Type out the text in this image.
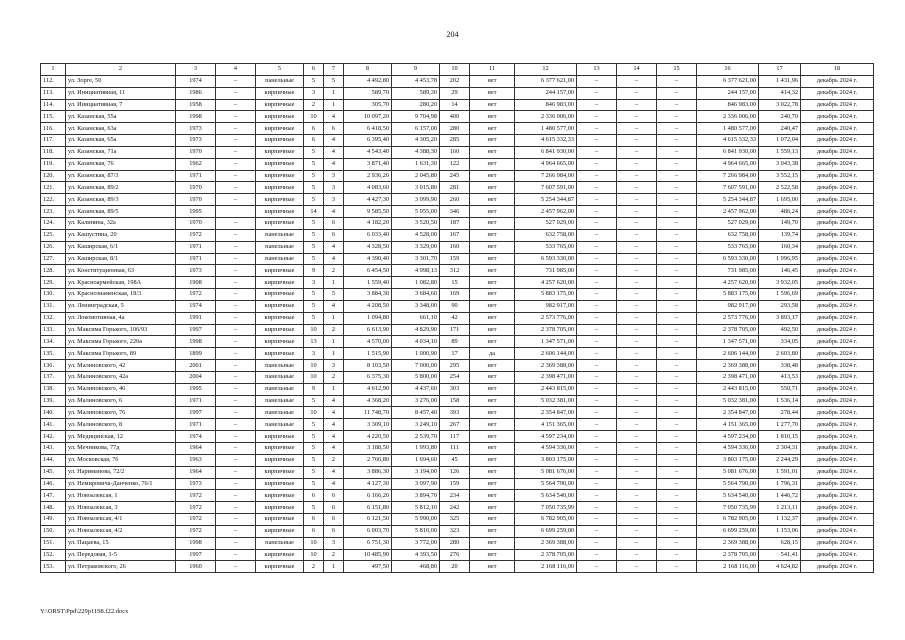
204
1	2	3	4	5	6	7	8	9	10	11	12	13	14	15	16	17	18
112.	ул. Зорге, 50	1974	–	панельные	5	5	4 492,80	4 453,78	202	нет	6 377 621,00	–	–	–	6 377 621,00	1 431,96	декабрь 2024 г.
113.	ул. Инициативная, 11	1986	–	кирпичные	3	1	589,70	589,30	29	нет	244 157,00	–	–	–	244 157,00	414,32	декабрь 2024 г.
114.	ул. Инициативная, 7	1958	–	кирпичные	2	1	305,70	280,20	14	нет	846 983,00	–	–	–	846 983,00	3 022,78	декабрь 2024 г.
115.	ул. Казанская, 55а	1998	–	кирпичные	10	4	10 097,20	9 704,98	400	нет	2 336 006,00	–	–	–	2 336 006,00	240,70	декабрь 2024 г.
116.	ул. Казанская, 63а	1973	–	кирпичные	6	6	6 418,50	6 157,00	280	нет	1 480 577,00	–	–	–	1 480 577,00	240,47	декабрь 2024 г.
117.	ул. Казанская, 65а	1973	–	кирпичные	6	4	6 395,40	4 305,20	285	нет	4 615 332,33	–	–	–	4 615 332,33	1 072,04	декабрь 2024 г.
118.	ул. Казанская, 71а	1970	–	кирпичные	5	4	4 543,40	4 388,30	160	нет	6 841 930,00	–	–	–	6 841 930,00	1 559,13	декабрь 2024 г.
119.	ул. Казанская, 76	1962	–	кирпичные	5	4	3 871,40	1 631,30	122	нет	4 964 665,00	–	–	–	4 964 665,00	3 043,38	декабрь 2024 г.
120.	ул. Казанская, 87/3	1971	–	кирпичные	5	3	2 936,20	2 045,80	245	нет	7 266 984,00	–	–	–	7 266 984,00	3 552,15	декабрь 2024 г.
121.	ул. Казанская, 89/2	1970	–	кирпичные	5	3	4 083,60	3 015,80	281	нет	7 607 591,00	–	–	–	7 607 591,00	2 522,58	декабрь 2024 г.
122.	ул. Казанская, 89/3	1970	–	кирпичные	5	3	4 427,30	3 099,90	260	нет	5 254 344,87	–	–	–	5 254 344,87	1 695,00	декабрь 2024 г.
123.	ул. Казанская, 89/5	1995		кирпичные	14	4	9 585,50	5 055,00	346	нет	2 457 962,00	–	–	–	2 457 962,00	486,24	декабрь 2024 г.
124.	ул. Калинина, 32а	1970	–	кирпичные	5	6	4 182,20	3 520,50	187	нет	527 029,00	–	–	–	527 029,00	149,70	декабрь 2024 г.
125.	ул. Кашустина, 20	1972	–	панельные	5	6	6 033,40	4 528,00	167	нет	632 758,00	–	–	–	632 758,00	139,74	декабрь 2024 г.
126.	ул. Каширская, 6/1	1971	–	панельные	5	4	4 328,50	3 329,00	160	нет	533 765,00	–	–	–	533 765,00	160,34	декабрь 2024 г.
127.	ул. Каширская, 8/1	1971	–	панельные	5	4	4 390,40	3 301,70	159	нет	6 593 330,00	–	–	–	6 593 330,00	1 996,95	декабрь 2024 г.
128.	ул. Конституционная, 63	1973	–	кирпичные	9	2	6 454,50	4 998,13	312	нет	731 985,00	–	–	–	731 985,00	146,45	декабрь 2024 г.
129.	ул. Красноармейская, 198А	1908	–	кирпичные	3	1	1 559,40	1 082,80	15	нет	4 257 620,00	–	–	–	4 257 620,00	3 932,05	декабрь 2024 г.
130.	ул. Краснознаменская, 18/3	1972	–	кирпичные	5	5	3 884,30	3 684,60	169	нет	5 883 175,00	–	–	–	5 883 175,00	1 596,69	декабрь 2024 г.
131.	ул. Ленинградская, 5	1974	–	кирпичные	5	4	4 208,50	3 348,00	90	нет	982 917,00	–	–	–	982 917,00	293,58	декабрь 2024 г.
132.	ул. Локомотивная, 4а	1991	–	кирпичные	5	1	1 094,80	661,10	42	нет	2 573 776,00	–	–	–	2 573 776,00	3 893,17	декабрь 2024 г.
133.	ул. Максима Горького, 106/93	1997	–	кирпичные	10	2	6 613,90	4 829,90	171	нет	2 378 705,00	–	–	–	2 378 705,00	492,50	декабрь 2024 г.
134.	ул. Максима Горького, 220а	1998	–	кирпичные	13	1	4 570,00	4 034,10	89	нет	1 347 571,00	–	–	–	1 347 571,00	334,05	декабрь 2024 г.
135.	ул. Максима Горького, 89	1899	–	кирпичные	3	1	1 515,90	1 000,90	17	да	2 606 144,00	–	–	–	2 606 144,00	2 603,80	декабрь 2024 г.
136.	ул. Малиновского, 42	2001	–	панельные	10	3	8 103,50	7 000,00	295	нет	2 369 388,00	–	–	–	2 369 388,00	338,48	декабрь 2024 г.
137.	ул. Малиновского, 42а	2004	–	панельные	10	2	6 375,30	5 800,00	254	нет	2 398 471,00	–	–	–	2 398 471,00	413,53	декабрь 2024 г.
138.	ул. Малиновского, 46	1995	–	панельные	9	1	4 612,90	4 437,60	303	нет	2 443 815,00	–	–	–	2 443 815,00	550,71	декабрь 2024 г.
139.	ул. Малиновского, 6	1971	–	панельные	5	4	4 368,20	3 276,00	158	нет	5 032 381,00	–	–	–	5 032 381,00	1 536,14	декабрь 2024 г.
140.	ул. Малиновского, 76	1997	–	панельные	10	4	11 748,70	8 457,40	393	нет	2 354 847,00	–	–	–	2 354 847,00	278,44	декабрь 2024 г.
141.	ул. Малиновского, 8	1971	–	панельные	5	4	3 309,10	3 249,10	267	нет	4 151 365,00	–	–	–	4 151 365,00	1 277,70	декабрь 2024 г.
142.	ул. Медицинская, 12	1974	–	кирпичные	5	4	4 220,50	2 539,70	117	нет	4 597 234,00	–	–	–	4 597 234,00	1 810,15	декабрь 2024 г.
143.	ул. Мечникова, 77д	1964	–	кирпичные	5	4	3 188,50	1 993,80	111	нет	4 594 336,00	–	–	–	4 594 336,00	2 304,31	декабрь 2024 г.
144.	ул. Московская, 76	1963	–	кирпичные	5	2	2 766,80	1 694,60	45	нет	3 803 175,00	–	–	–	3 803 175,00	2 244,29	декабрь 2024 г.
145.	ул. Нариманова, 72/2	1964	–	кирпичные	5	4	3 886,30	3 194,00	126	нет	5 081 676,00	–	–	–	5 081 676,00	1 591,01	декабрь 2024 г.
146.	ул. Немировича-Данченко, 76/1	1973	–	кирпичные	5	4	4 127,30	3 097,90	159	нет	5 564 790,00	–	–	–	5 564 790,00	1 796,31	декабрь 2024 г.
147.	ул. Новоалексая, 1	1972	–	кирпичные	6	6	6 166,20	3 894,70	234	нет	5 634 540,00	–	–	–	5 634 540,00	1 446,72	декабрь 2024 г.
148.	ул. Новоалексая, 3	1972	–	кирпичные	5	6	6 151,80	5 812,10	242	нет	7 050 735,99	–	–	–	7 050 735,99	1 213,11	декабрь 2024 г.
149.	ул. Новоалексая, 4/1	1972	–	кирпичные	6	6	6 121,50	5 990,00	325	нет	6 782 905,00	–	–	–	6 782 905,00	1 132,37	декабрь 2024 г.
150.	ул. Новоалексая, 4/2	1972	–	кирпичные	6	6	6 003,70	5 810,00	323	нет	6 699 259,00	–	–	–	6 699 259,00	1 153,06	декабрь 2024 г.
151.	ул. Пацаева, 15	1998	–	панельные	10	3	6 751,30	3 772,00	280	нет	2 369 388,00	–	–	–	2 369 388,00	628,15	декабрь 2024 г.
152.	ул. Передовая, 1-5	1997	–	кирпичные	10	2	10 485,90	4 393,50	276	нет	2 378 705,00	–	–	–	2 378 705,00	541,41	декабрь 2024 г.
153.	ул. Петраковского, 26	1960	–	кирпичные	2	1	497,50	468,80	20	нет	2 168 116,00	–	–	–	2 168 116,00	4 624,82	декабрь 2024 г.
Y:\ORST\Ppd\229p1198.f22.docx
